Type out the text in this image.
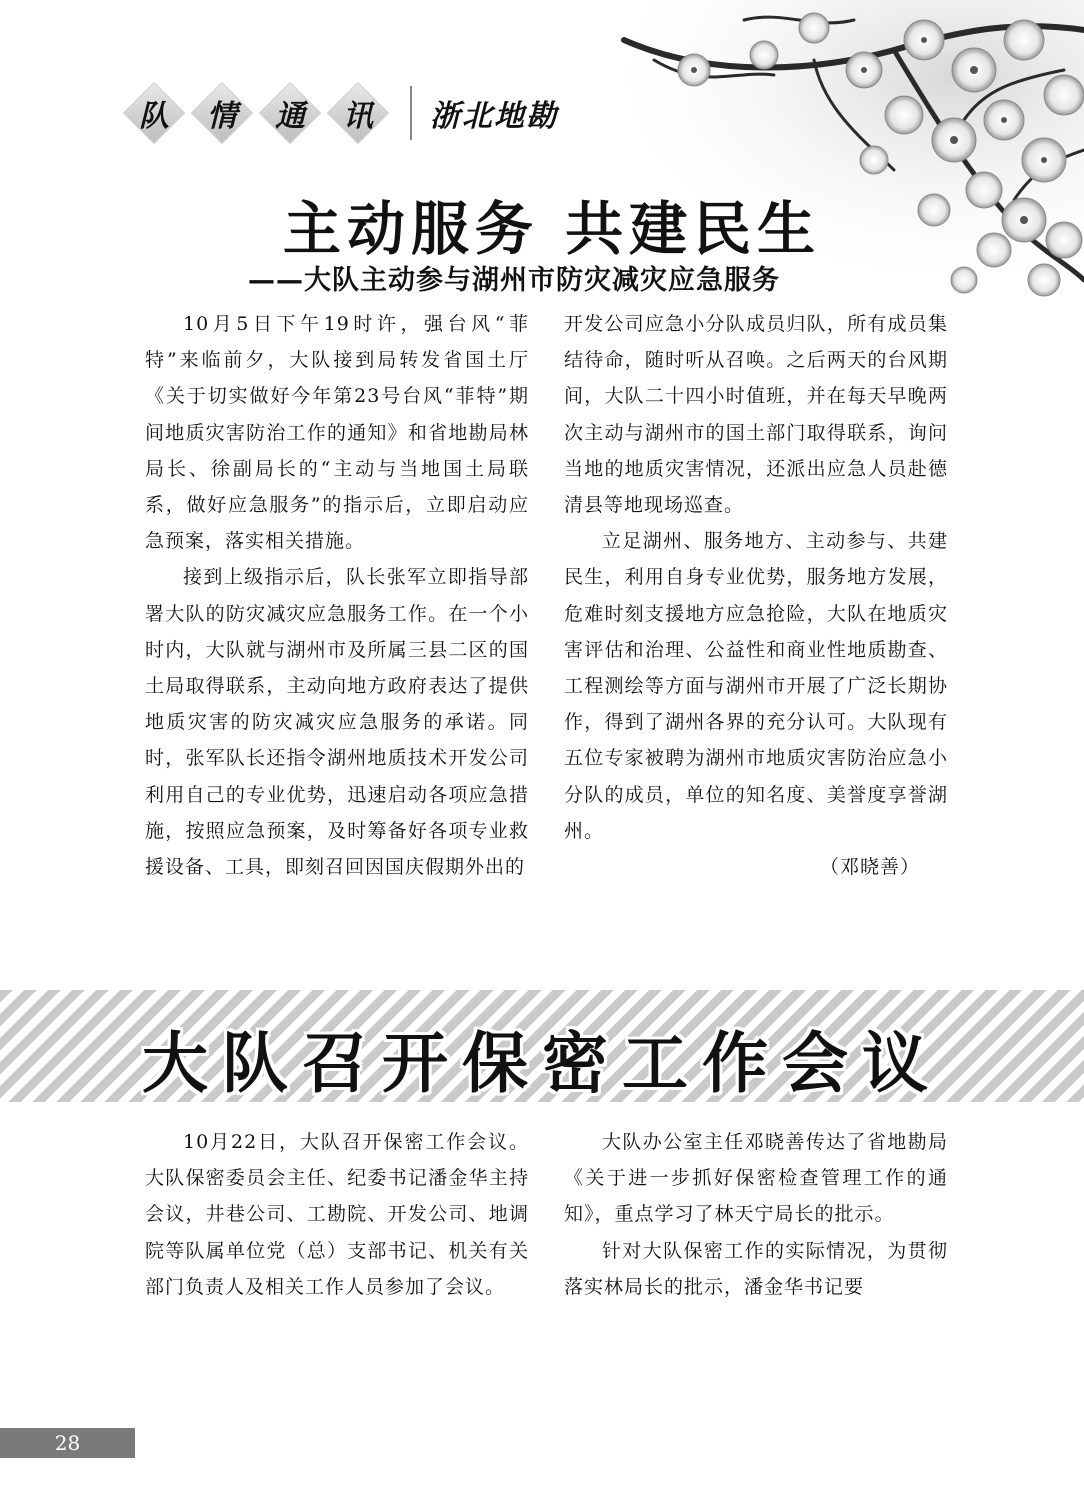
队 情 通 讯 浙北地勘
主动服务 共建民生
——大队主动参与湖州市防灾减灾应急服务

10月5日下午19时许，强台风“菲特”来临前夕，大队接到局转发省国土厅《关于切实做好今年第23号台风“菲特”期间地质灾害防治工作的通知》和省地勘局林局长、徐副局长的“主动与当地国土局联系，做好应急服务”的指示后，立即启动应急预案，落实相关措施。

接到上级指示后，队长张军立即指导部署大队的防灾减灾应急服务工作。在一个小时内，大队就与湖州市及所属三县二区的国土局取得联系，主动向地方政府表达了提供地质灾害的防灾减灾应急服务的承诺。同时，张军队长还指令湖州地质技术开发公司利用自己的专业优势，迅速启动各项应急措施，按照应急预案，及时筹备好各项专业救援设备、工具，即刻召回因国庆假期外出的

开发公司应急小分队成员归队，所有成员集结待命，随时听从召唤。之后两天的台风期间，大队二十四小时值班，并在每天早晚两次主动与湖州市的国土部门取得联系，询问当地的地质灾害情况，还派出应急人员赴德清县等地现场巡查。

立足湖州、服务地方、主动参与、共建民生，利用自身专业优势，服务地方发展，危难时刻支援地方应急抢险，大队在地质灾害评估和治理、公益性和商业性地质勘查、工程测绘等方面与湖州市开展了广泛长期协作，得到了湖州各界的充分认可。大队现有五位专家被聘为湖州市地质灾害防治应急小分队的成员，单位的知名度、美誉度享誉湖州。

（邓晓善）

大队召开保密工作会议

10月22日，大队召开保密工作会议。大队保密委员会主任、纪委书记潘金华主持会议，井巷公司、工勘院、开发公司、地调院等队属单位党（总）支部书记、机关有关部门负责人及相关工作人员参加了会议。

大队办公室主任邓晓善传达了省地勘局《关于进一步抓好保密检查管理工作的通知》，重点学习了林天宁局长的批示。

针对大队保密工作的实际情况，为贯彻落实林局长的批示，潘金华书记要

28
